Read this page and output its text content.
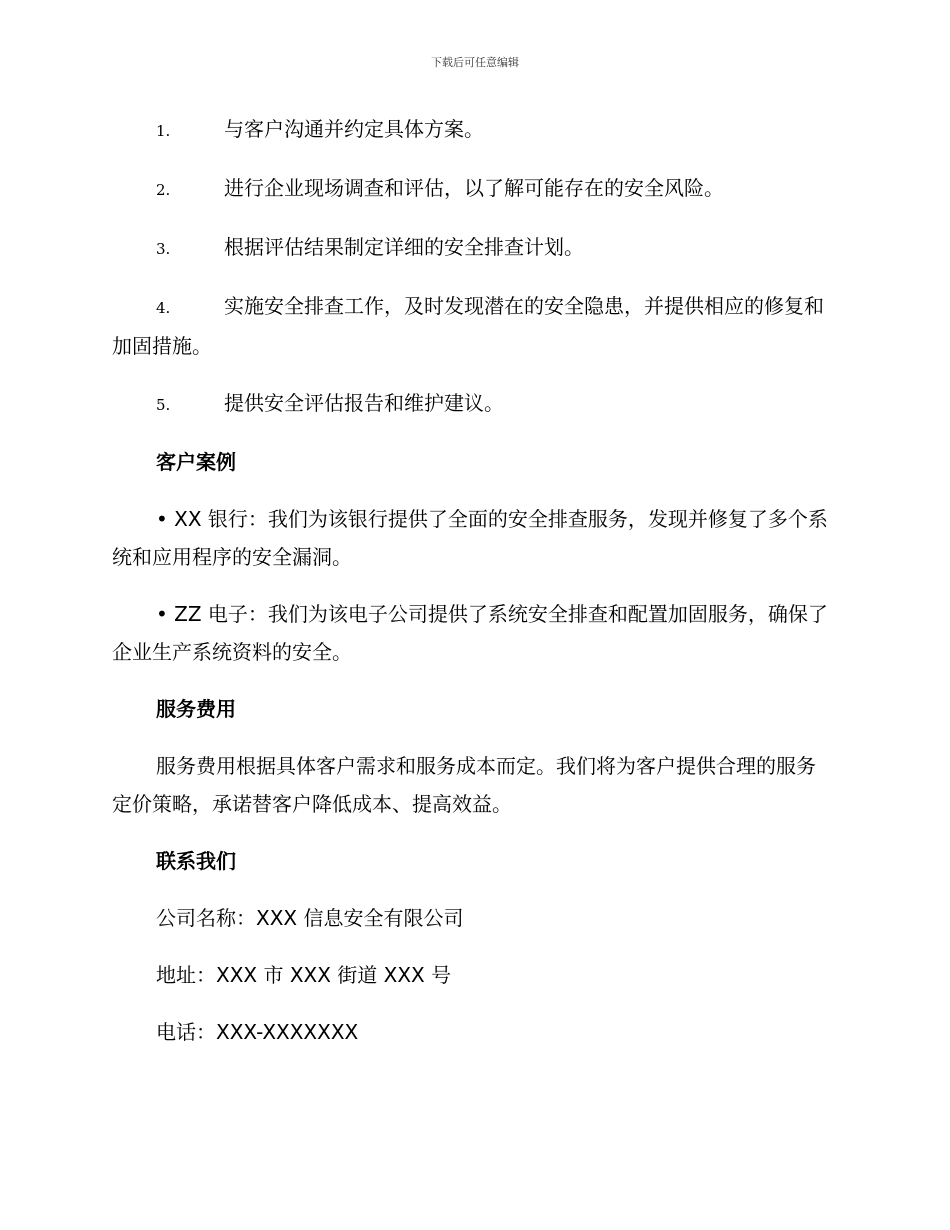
下载后可任意编辑
1.	与客户沟通并约定具体方案。
2.	进行企业现场调查和评估，以了解可能存在的安全风险。
3.	根据评估结果制定详细的安全排查计划。
4.	实施安全排查工作，及时发现潜在的安全隐患，并提供相应的修复和加固措施。
5.	提供安全评估报告和维护建议。
客户案例
• XX 银行：我们为该银行提供了全面的安全排查服务，发现并修复了多个系统和应用程序的安全漏洞。
• ZZ 电子：我们为该电子公司提供了系统安全排查和配置加固服务，确保了企业生产系统资料的安全。
服务费用
服务费用根据具体客户需求和服务成本而定。我们将为客户提供合理的服务定价策略，承诺替客户降低成本、提高效益。
联系我们
公司名称：XXX 信息安全有限公司
地址：XXX 市 XXX 街道 XXX 号
电话：XXX-XXXXXXX
